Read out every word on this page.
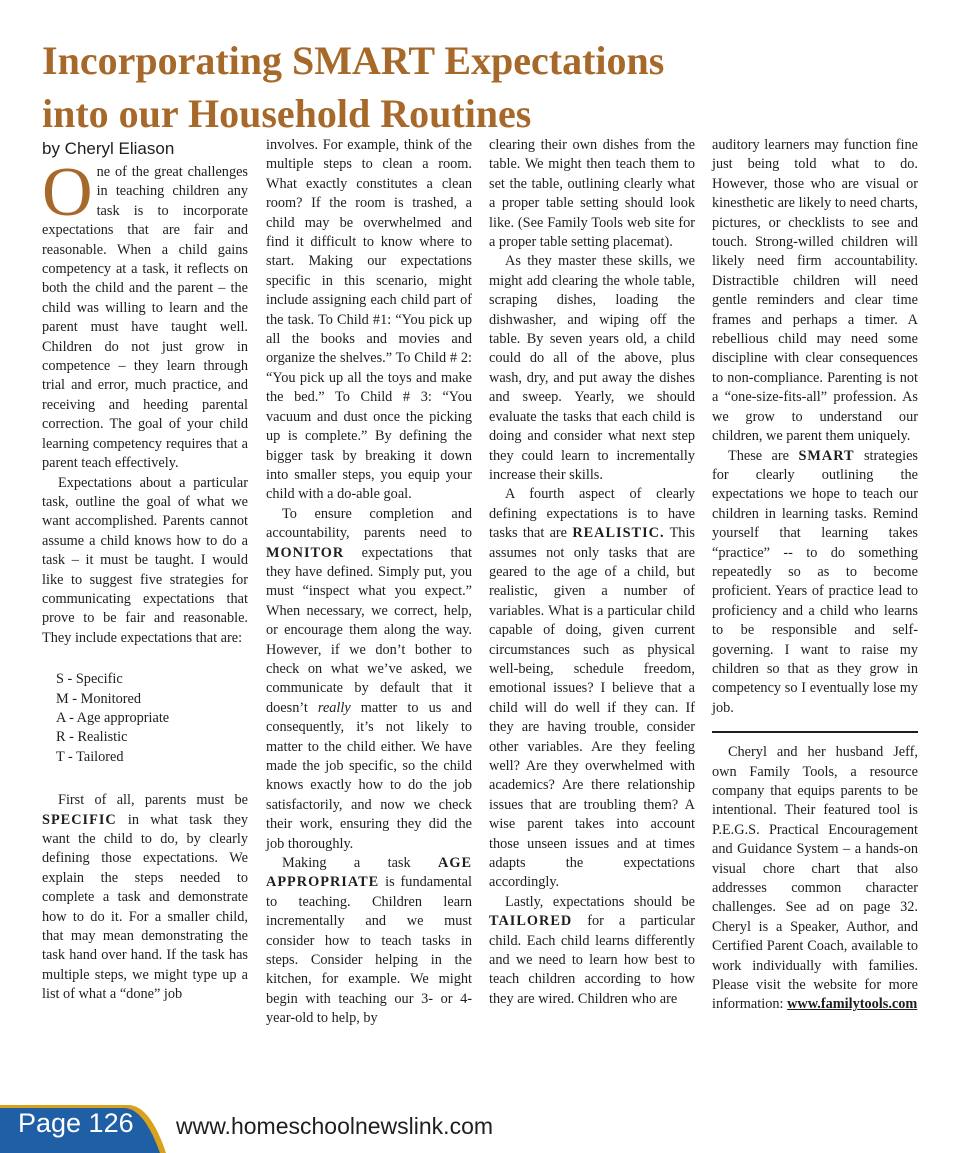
Incorporating SMART Expectations
into our Household Routines
by Cheryl Eliason

One of the great challenges in teaching children any task is to incorporate expectations that are fair and reasonable. When a child gains competency at a task, it reflects on both the child and the parent – the child was willing to learn and the parent must have taught well. Children do not just grow in competence – they learn through trial and error, much practice, and receiving and heeding parental correction. The goal of your child learning competency requires that a parent teach effectively.

Expectations about a particular task, outline the goal of what we want accomplished. Parents cannot assume a child knows how to do a task – it must be taught. I would like to suggest five strategies for communicating expectations that prove to be fair and reasonable. They include expectations that are:

S - Specific
M - Monitored
A - Age appropriate
R - Realistic
T - Tailored

First of all, parents must be SPECIFIC in what task they want the child to do, by clearly defining those expectations. We explain the steps needed to complete a task and demonstrate how to do it. For a smaller child, that may mean demonstrating the task hand over hand. If the task has multiple steps, we might type up a list of what a “done” job

involves. For example, think of the multiple steps to clean a room. What exactly constitutes a clean room? If the room is trashed, a child may be overwhelmed and find it difficult to know where to start. Making our expectations specific in this scenario, might include assigning each child part of the task. To Child #1: “You pick up all the books and movies and organize the shelves.” To Child # 2: “You pick up all the toys and make the bed.” To Child # 3: “You vacuum and dust once the picking up is complete.” By defining the bigger task by breaking it down into smaller steps, you equip your child with a do-able goal.

To ensure completion and accountability, parents need to MONITOR expectations that they have defined. Simply put, you must “inspect what you expect.” When necessary, we correct, help, or encourage them along the way. However, if we don’t bother to check on what we’ve asked, we communicate by default that it doesn’t really matter to us and consequently, it’s not likely to matter to the child either. We have made the job specific, so the child knows exactly how to do the job satisfactorily, and now we check their work, ensuring they did the job thoroughly.

Making a task AGE APPROPRIATE is fundamental to teaching. Children learn incrementally and we must consider how to teach tasks in steps. Consider helping in the kitchen, for example. We might begin with teaching our 3- or 4-year-old to help, by

clearing their own dishes from the table. We might then teach them to set the table, outlining clearly what a proper table setting should look like. (See Family Tools web site for a proper table setting placemat).

As they master these skills, we might add clearing the whole table, scraping dishes, loading the dishwasher, and wiping off the table. By seven years old, a child could do all of the above, plus wash, dry, and put away the dishes and sweep. Yearly, we should evaluate the tasks that each child is doing and consider what next step they could learn to incrementally increase their skills.

A fourth aspect of clearly defining expectations is to have tasks that are REALISTIC. This assumes not only tasks that are geared to the age of a child, but realistic, given a number of variables. What is a particular child capable of doing, given current circumstances such as physical well-being, schedule freedom, emotional issues? I believe that a child will do well if they can. If they are having trouble, consider other variables. Are they feeling well? Are they overwhelmed with academics? Are there relationship issues that are troubling them? A wise parent takes into account those unseen issues and at times adapts the expectations accordingly.

Lastly, expectations should be TAILORED for a particular child. Each child learns differently and we need to learn how best to teach children according to how they are wired. Children who are

auditory learners may function fine just being told what to do. However, those who are visual or kinesthetic are likely to need charts, pictures, or checklists to see and touch. Strong-willed children will likely need firm accountability. Distractible children will need gentle reminders and clear time frames and perhaps a timer. A rebellious child may need some discipline with clear consequences to non-compliance. Parenting is not a “one-size-fits-all” profession. As we grow to understand our children, we parent them uniquely.

These are SMART strategies for clearly outlining the expectations we hope to teach our children in learning tasks. Remind yourself that learning takes “practice” -- to do something repeatedly so as to become proficient. Years of practice lead to proficiency and a child who learns to be responsible and self-governing. I want to raise my children so that as they grow in competency so I eventually lose my job.

Cheryl and her husband Jeff, own Family Tools, a resource company that equips parents to be intentional. Their featured tool is P.E.G.S. Practical Encouragement and Guidance System – a hands-on visual chore chart that also addresses common character challenges. See ad on page 32. Cheryl is a Speaker, Author, and Certified Parent Coach, available to work individually with families. Please visit the website for more information: www.familytools.com

Page 126 www.homeschoolnewslink.com
